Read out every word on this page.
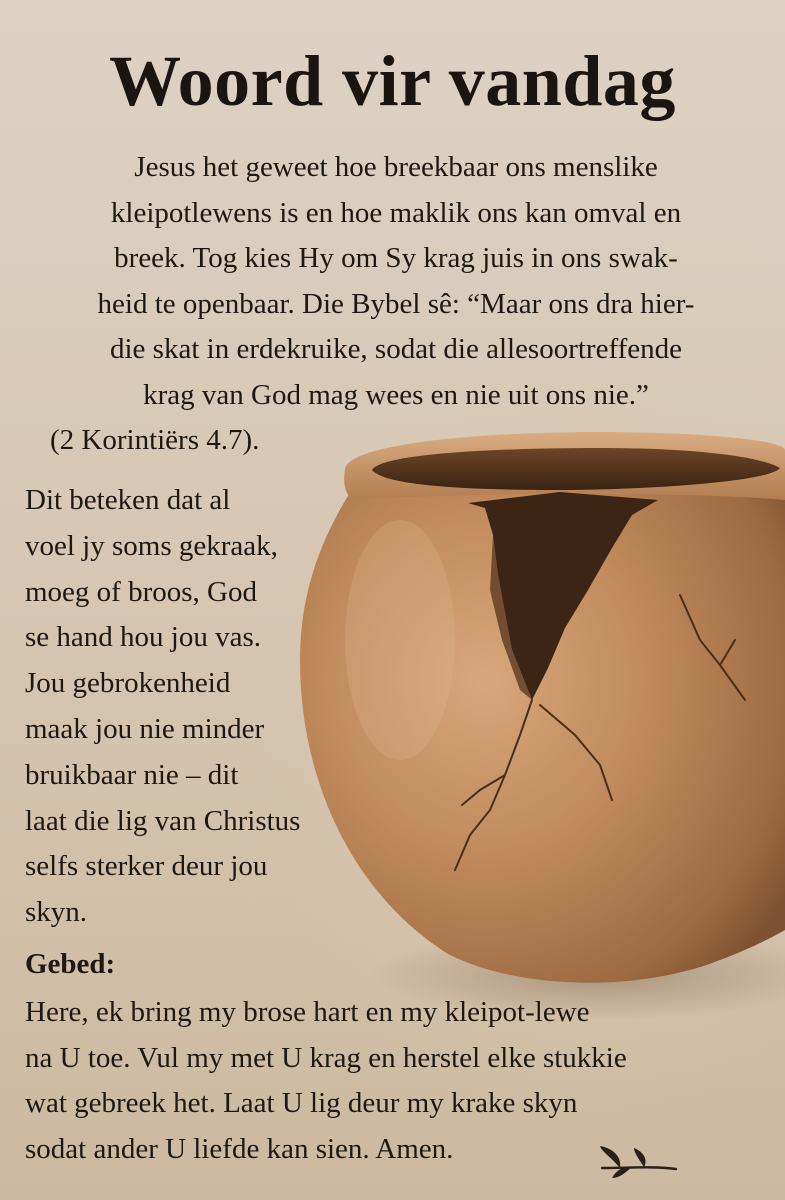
Woord vir vandag
Jesus het geweet hoe breekbaar ons menslike
kleipotlewens is en hoe maklik ons kan omval en
breek. Tog kies Hy om Sy krag juis in ons swak-
heid te openbaar. Die Bybel sê: “Maar ons dra hier-
die skat in erdekruike, sodat die allesoortreffende
krag van God mag wees en nie uit ons nie.”
(2 Korintiërs 4.7).
Dit beteken dat al
voel jy soms gekraak,
moeg of broos, God
se hand hou jou vas.
Jou gebrokenheid
maak jou nie minder
bruikbaar nie – dit
laat die lig van Christus
selfs sterker deur jou
skyn.
Gebed:
Here, ek bring my brose hart en my kleipot-lewe
na U toe. Vul my met U krag en herstel elke stukkie
wat gebreek het. Laat U lig deur my krake skyn
sodat ander U liefde kan sien. Amen.
